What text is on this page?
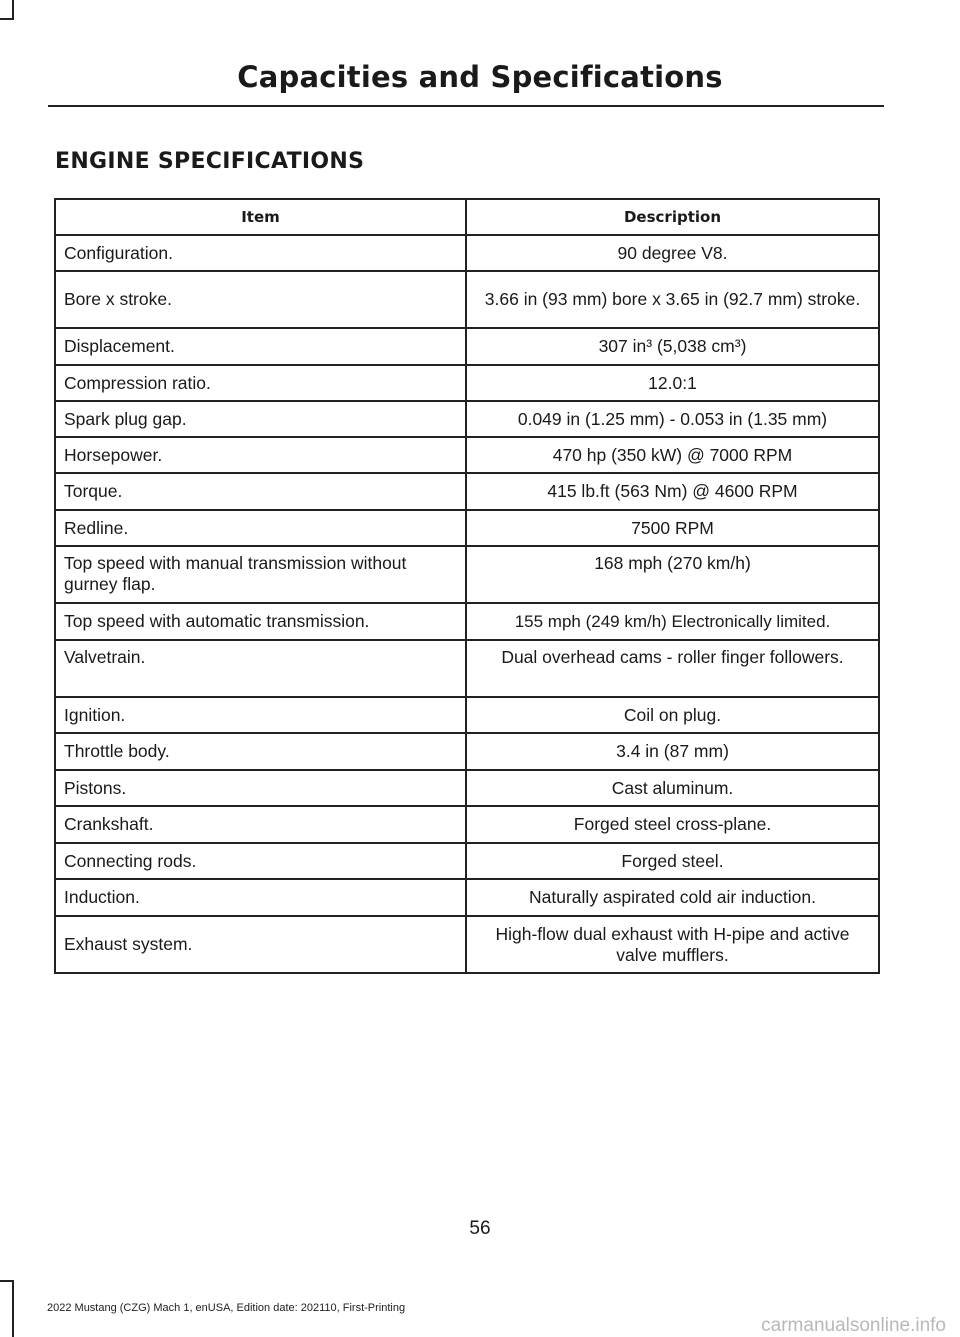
Capacities and Specifications
ENGINE SPECIFICATIONS
Item	Description

Configuration.	90 degree V8.

Bore x stroke.	3.66 in (93 mm) bore x 3.65 in (92.7 mm) stroke.

Displacement.	307 in³ (5,038 cm³)

Compression ratio.	12.0:1

Spark plug gap.	0.049 in (1.25 mm) - 0.053 in (1.35 mm)

Horsepower.	470 hp (350 kW) @ 7000 RPM

Torque.	415 lb.ft (563 Nm) @ 4600 RPM

Redline.	7500 RPM

Top speed with manual transmission without gurney flap.	168 mph (270 km/h)

Top speed with automatic transmission.	155 mph (249 km/h) Electronically limited.

Valvetrain.	Dual overhead cams - roller finger followers.

Ignition.	Coil on plug.

Throttle body.	3.4 in (87 mm)

Pistons.	Cast aluminum.

Crankshaft.	Forged steel cross-plane.

Connecting rods.	Forged steel.

Induction.	Naturally aspirated cold air induction.

Exhaust system.	High-flow dual exhaust with H-pipe and active valve mufflers.
56
2022 Mustang (CZG) Mach 1, enUSA, Edition date: 202110, First-Printing
carmanualsonline.info
